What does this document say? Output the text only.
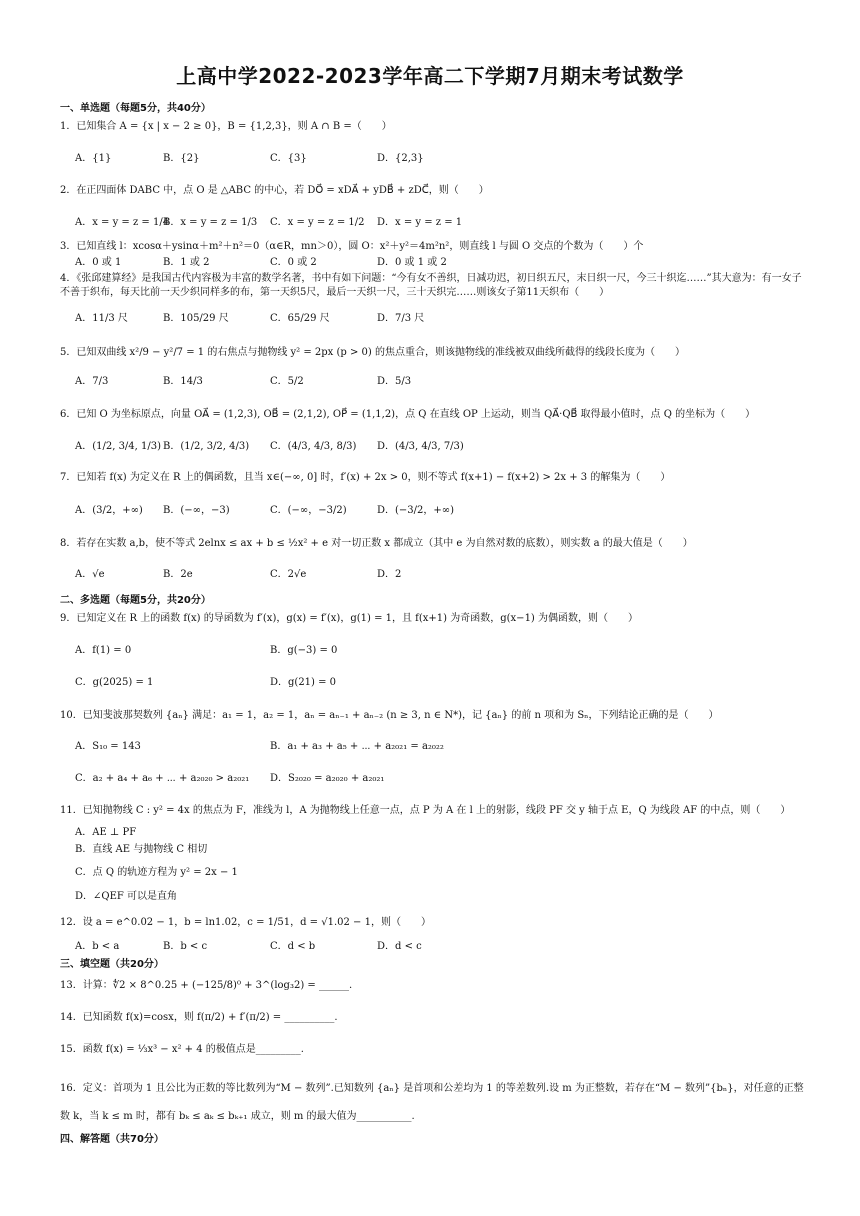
上高中学2022-2023学年高二下学期7月期末考试数学
一、单选题（每题5分，共40分）
1．已知集合 A = {x | x − 2 ≥ 0}，B = {1,2,3}，则 A ∩ B =（　　）
A．{1}	B．{2}	C．{3}	D．{2,3}
2．在正四面体 DABC 中，点 O 是 △ABC 的中心，若 DO⃗ = xDA⃗ + yDB⃗ + zDC⃗，则（　　）
A．x = y = z = 1/4
B．x = y = z = 1/3 C．x = y = z = 1/2 D．x = y = z = 1
3．已知直线 l：xcosα＋ysinα＋m²＋n²＝0（α∈R，mn＞0），圆 O：x²＋y²＝4m²n²，则直线 l 与圆 O 交点的个数为（　　）个
A．0 或 1	B．1 或 2	C．0 或 2	D．0 或 1 或 2
4．《张邱建算经》是我国古代内容极为丰富的数学名著，书中有如下问题：“今有女不善织，日减功迟，初日织五尺，末日织一尺，今三十织迄……”其大意为：有一女子不善于织布，每天比前一天少织同样多的布，第一天织5尺，最后一天织一尺，三十天织完……则该女子第11天织布（　　）
A．11/3 尺	B．105/29 尺	C．65/29 尺	D．7/3 尺
5．已知双曲线 x²/9 − y²/7 = 1 的右焦点与抛物线 y² = 2px (p > 0) 的焦点重合，则该抛物线的准线被双曲线所截得的线段长度为（　　）
A．7/3	B．14/3	C．5/2	D．5/3
6．已知 O 为坐标原点，向量 OA⃗ = (1,2,3), OB⃗ = (2,1,2), OP⃗ = (1,1,2)，点 Q 在直线 OP 上运动，则当 QA⃗·QB⃗ 取得最小值时，点 Q 的坐标为（　　）
A．(1/2, 3/4, 1/3) B．(1/2, 3/2, 4/3) C．(4/3, 4/3, 8/3) D．(4/3, 4/3, 7/3)
7．已知若 f(x) 为定义在 R 上的偶函数，且当 x∈(−∞, 0] 时，f′(x) + 2x > 0，则不等式 f(x+1) − f(x+2) > 2x + 3 的解集为（　　）
A．(3/2，+∞) B．(−∞，−3)	C．(−∞，−3/2)	D．(−3/2，+∞)
8．若存在实数 a,b，使不等式 2elnx ≤ ax + b ≤ ½x² + e 对一切正数 x 都成立（其中 e 为自然对数的底数），则实数 a 的最大值是（　　）
A．√e	B．2e	C．2√e	D．2
二、多选题（每题5分，共20分）
9．已知定义在 R 上的函数 f(x) 的导函数为 f′(x)，g(x) = f′(x)，g(1) = 1，且 f(x+1) 为奇函数，g(x−1) 为偶函数，则（　　）
A．f(1) = 0	B．g(−3) = 0
C．g(2025) = 1	D．g(21) = 0
10．已知斐波那契数列 {aₙ} 满足：a₁ = 1，a₂ = 1，aₙ = aₙ₋₁ + aₙ₋₂ (n ≥ 3, n ∈ N*)，记 {aₙ} 的前 n 项和为 Sₙ，下列结论正确的是（　　）
A．S₁₀ = 143	B．a₁ + a₃ + a₅ + ⋯ + a₂₀₂₁ = a₂₀₂₂
C．a₂ + a₄ + a₆ + ⋯ + a₂₀₂₀ > a₂₀₂₁ D．S₂₀₂₀ = a₂₀₂₀ + a₂₀₂₁
11．已知抛物线 C : y² = 4x 的焦点为 F，准线为 l，A 为抛物线上任意一点，点 P 为 A 在 l 上的射影，线段 PF 交 y 轴于点 E，Q 为线段 AF 的中点，则（　　）
A．AE ⊥ PF
B．直线 AE 与抛物线 C 相切
C．点 Q 的轨迹方程为 y² = 2x − 1
D．∠QEF 可以是直角
12．设 a = e^0.02 − 1，b = ln1.02，c = 1/51，d = √1.02 − 1，则（　　）
A．b < a	B．b < c	C．d < b	D．d < c
三、填空题（共20分）
13．计算：∜2 × 8^0.25 + (−125/8)⁰ + 3^(log₃2) = ______.
14．已知函数 f(x)=cosx，则 f(π/2) + f′(π/2) = __________.
15．函数 f(x) = ⅓x³ − x² + 4 的极值点是_________.
16．定义：首项为 1 且公比为正数的等比数列为“M − 数列”.已知数列 {aₙ} 是首项和公差均为 1 的等差数列.设 m 为正整数，若存在“M − 数列”{bₙ}，对任意的正整数 k，当 k ≤ m 时，都有 bₖ ≤ aₖ ≤ bₖ₊₁ 成立，则 m 的最大值为___________.
四、解答题（共70分）
